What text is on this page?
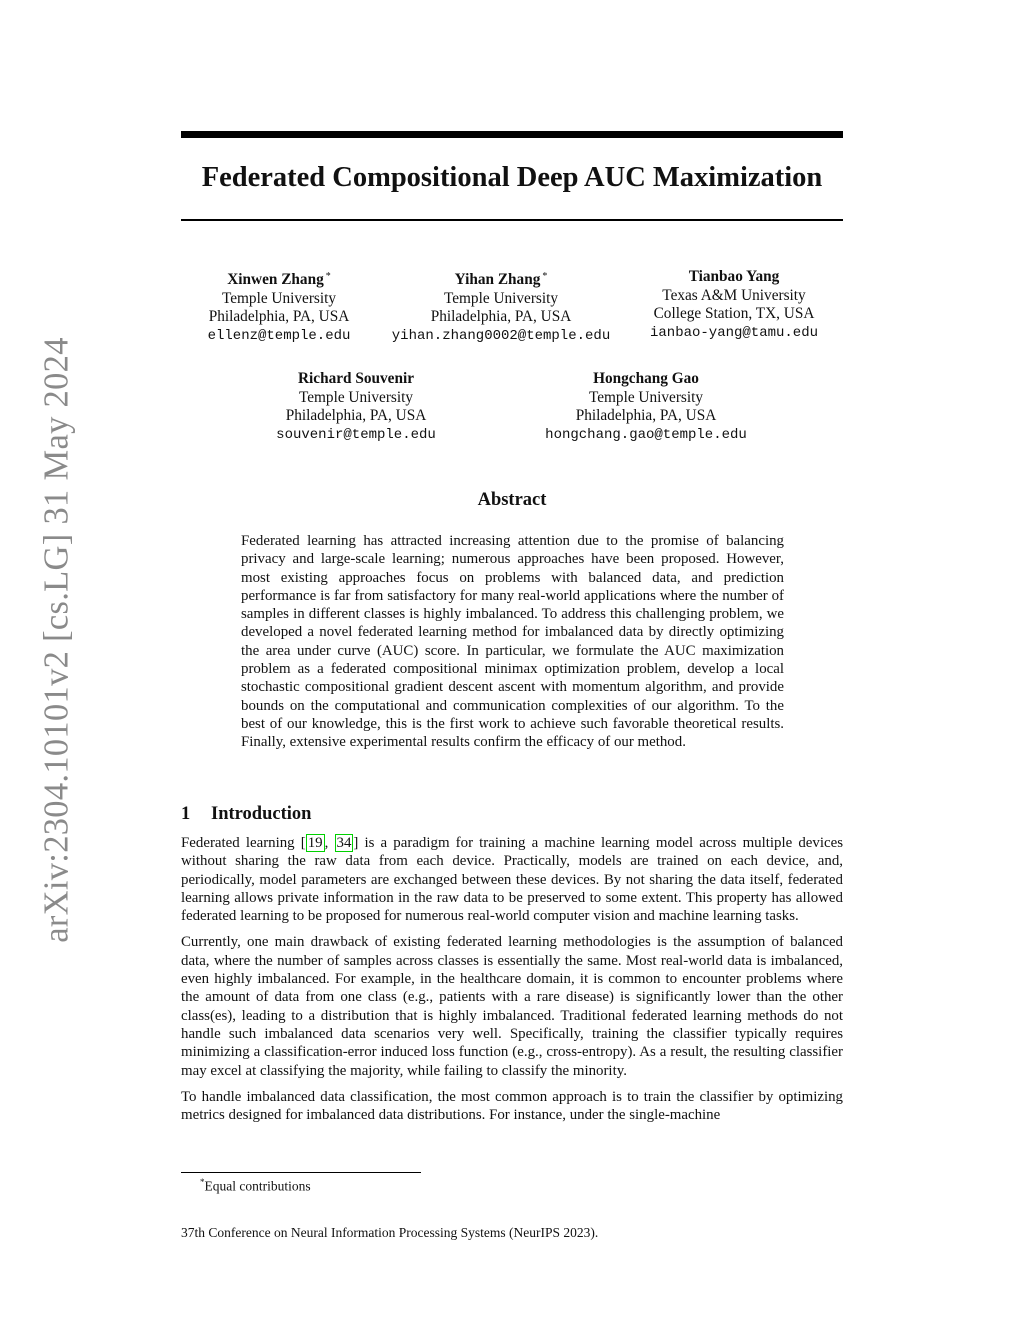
arXiv:2304.10101v2 [cs.LG] 31 May 2024
Federated Compositional Deep AUC Maximization
Xinwen Zhang *
Temple University
Philadelphia, PA, USA
ellenz@temple.edu
Yihan Zhang *
Temple University
Philadelphia, PA, USA
yihan.zhang0002@temple.edu
Tianbao Yang
Texas A&M University
College Station, TX, USA
ianbao-yang@tamu.edu
Richard Souvenir
Temple University
Philadelphia, PA, USA
souvenir@temple.edu
Hongchang Gao
Temple University
Philadelphia, PA, USA
hongchang.gao@temple.edu
Abstract

Federated learning has attracted increasing attention due to the promise of balancing privacy and large-scale learning; numerous approaches have been proposed. However, most existing approaches focus on problems with balanced data, and prediction performance is far from satisfactory for many real-world applications where the number of samples in different classes is highly imbalanced. To address this challenging problem, we developed a novel federated learning method for imbalanced data by directly optimizing the area under curve (AUC) score. In particular, we formulate the AUC maximization problem as a federated compositional minimax optimization problem, develop a local stochastic compositional gradient descent ascent with momentum algorithm, and provide bounds on the computational and communication complexities of our algorithm. To the best of our knowledge, this is the first work to achieve such favorable theoretical results. Finally, extensive experimental results confirm the efficacy of our method.

1 Introduction

Federated learning [ 19 , 34 ] is a paradigm for training a machine learning model across multiple devices without sharing the raw data from each device. Practically, models are trained on each device, and, periodically, model parameters are exchanged between these devices. By not sharing the data itself, federated learning allows private information in the raw data to be preserved to some extent. This property has allowed federated learning to be proposed for numerous real-world computer vision and machine learning tasks.

Currently, one main drawback of existing federated learning methodologies is the assumption of balanced data, where the number of samples across classes is essentially the same. Most real-world data is imbalanced, even highly imbalanced. For example, in the healthcare domain, it is common to encounter problems where the amount of data from one class (e.g., patients with a rare disease) is significantly lower than the other class(es), leading to a distribution that is highly imbalanced. Traditional federated learning methods do not handle such imbalanced data scenarios very well. Specifically, training the classifier typically requires minimizing a classification-error induced loss function (e.g., cross-entropy). As a result, the resulting classifier may excel at classifying the majority, while failing to classify the minority.

To handle imbalanced data classification, the most common approach is to train the classifier by optimizing metrics designed for imbalanced data distributions. For instance, under the single-machine

*Equal contributions
37th Conference on Neural Information Processing Systems (NeurIPS 2023).
